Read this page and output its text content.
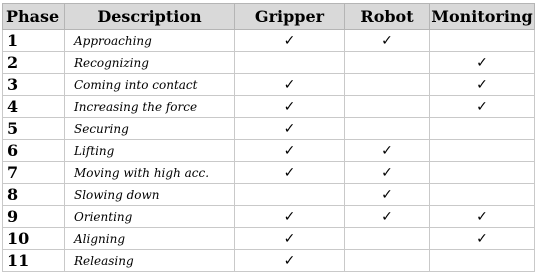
Phase	Description	Gripper	Robot	Monitoring
1	Approaching	✓	✓	
2	Recognizing			✓
3	Coming into contact	✓		✓
4	Increasing the force	✓		✓
5	Securing	✓		
6	Lifting	✓	✓	
7	Moving with high acc.	✓	✓	
8	Slowing down		✓	
9	Orienting	✓	✓	✓
10	Aligning	✓		✓
11	Releasing	✓		
